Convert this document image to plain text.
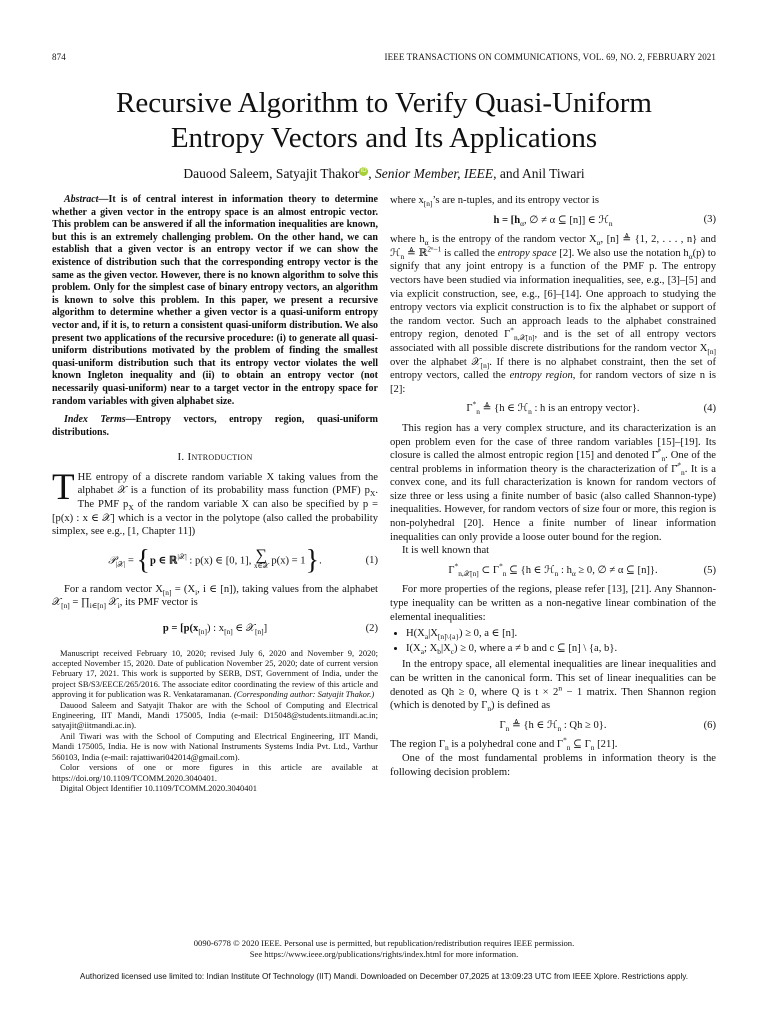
874	IEEE TRANSACTIONS ON COMMUNICATIONS, VOL. 69, NO. 2, FEBRUARY 2021
Recursive Algorithm to Verify Quasi-Uniform
Entropy Vectors and Its Applications
Dauood Saleem, Satyajit Thakor iD , Senior Member, IEEE, and Anil Tiwari

Abstract—It is of central interest in information theory to determine whether a given vector in the entropy space is an almost entropic vector. This problem can be answered if all the information inequalities are known, but this is an extremely challenging problem. On the other hand, we can establish that a given vector is an entropy vector if we can show the existence of distribution such that the corresponding entropy vector is the same as the given vector. However, there is no known algorithm to solve this problem. Only for the simplest case of binary entropy vectors, an algorithm is known to solve this problem. In this paper, we present a recursive algorithm to determine whether a given vector is a quasi-uniform entropy vector and, if it is, to return a consistent quasi-uniform distribution. We also present two applications of the recursive procedure: (i) to generate all quasi-uniform distributions motivated by the problem of finding the smallest quasi-uniform distribution such that its entropy vector violates the well known Ingleton inequality and (ii) to obtain an entropy vector (not necessarily quasi-uniform) near to a target vector in the entropy space for random variables with given alphabet size.

Index Terms—Entropy vectors, entropy region, quasi-uniform distributions.

I. Introduction

THE entropy of a discrete random variable X taking values from the alphabet 𝒳 is a function of its probability mass function (PMF) $p_X$. The PMF $p_X$ of the random variable X can also be specified by p = [p(x) : x ∈ 𝒳] which is a vector in the polytope (also called the probability simplex, see e.g., [1, Chapter 11])

𝒫$_{|𝒳|}$ = {p ∈ ℝ$^{|𝒳|}$ : p(x) ∈ [0, 1], ∑
x∈𝒳 p(x) = 1}.	(1)

For a random vector $X_{[n]} = (X_i$, i ∈ [n]), taking values from the alphabet 𝒳$_{[n]}$ = $\prod_{i\in[n]}$ 𝒳$_i$, its PMF vector is

$p = [p(x_{[n]})$ : $x_{[n]}$ ∈ 𝒳$_{[n]}$]	(2)

Manuscript received February 10, 2020; revised July 6, 2020 and November 9, 2020; accepted November 15, 2020. Date of publication November 25, 2020; date of current version February 17, 2021. This work is supported by SERB, DST, Government of India, under the project SB/S3/EECE/265/2016. The associate editor coordinating the review of this article and approving it for publication was R. Venkataramanan. (Corresponding author: Satyajit Thakor.)

Dauood Saleem and Satyajit Thakor are with the School of Computing and Electrical Engineering, IIT Mandi, Mandi 175005, India (e-mail: D15048@students.iitmandi.ac.in; satyajit@iitmandi.ac.in).

Anil Tiwari was with the School of Computing and Electrical Engineering, IIT Mandi, Mandi 175005, India. He is now with National Instruments Systems India Pvt. Ltd., Varthur 560103, India (e-mail: rajattiwari042014@gmail.com).

Color versions of one or more figures in this article are available at https://doi.org/10.1109/TCOMM.2020.3040401.

Digital Object Identifier 10.1109/TCOMM.2020.3040401

where $x_{[n]}’s$ are n-tuples, and its entropy vector is

$h = [h_\alpha$, ∅ ≠ α ⊆ [n]] ∈ ℋ$_n$	(3)

where $h_\alpha$ is the entropy of the random vector $X_\alpha$, [n] ≜ {1, 2, . . . , n} and ℋ$_n$ ≜ ℝ$^{2^n-1}$ is called the entropy space [2]. We also use the notation $h_\alpha(p)$ to signify that any joint entropy is a function of the PMF p. The entropy vectors have been studied via information inequalities, see, e.g., [3]–[5] and via explicit construction, see, e.g., [6]–[14]. One approach to studying the entropy vectors via explicit construction is to fix the alphabet or support of the random vector. Such an approach leads to the alphabet constrained entropy region, denoted $\Gamma^*_{n,𝒳[n]}$, and is the set of all entropy vectors associated with all possible discrete distributions for the random vector $X_{[n]}$ over the alphabet 𝒳$_{[n]}$. If there is no alphabet constraint, then the set of entropy vectors, called the entropy region, for random vectors of size n is [2]:

$\Gamma^*_n$ ≜ {h ∈ ℋ$_n$ : h is an entropy vector}.	(4)

This region has a very complex structure, and its characterization is an open problem even for the case of three random variables [15]–[19]. Its closure is called the almost entropic region [15] and denoted $\Gammā^*_n$. One of the central problems in information theory is the characterization of $\Gammā^*_n$. It is a convex cone, and its full characterization is known for random vectors of size three or less using a finite number of basic (also called Shannon-type) inequalities. However, for random vectors of size four or more, this region is non-polyhedral [20]. Hence a finite number of linear information inequalities can only provide a loose outer bound for the region.

It is well known that

$\Gamma^*_{n,𝒳[n]}$ ⊂ $\Gamma^*_n$ ⊆ {h ∈ ℋ$_n$ : $h_\alpha \ge 0$, ∅ ≠ α ⊆ [n]}.	(5)

For more properties of the regions, please refer [13], [21]. Any Shannon-type inequality can be written as a non-negative linear combination of the elemental inequalities:

• $H(X_a|X_{[n]\backslash\{a\}}) \ge 0$, a ∈ [n].
• $I(X_a$; $X_b|X_c) \ge 0$, where a ≠ b and c ⊆ [n] \ {a, b}.

In the entropy space, all elemental inequalities are linear inequalities and can be written in the canonical form. This set of linear inequalities can be denoted as Qh ≥ 0, where Q is $t \times 2^n - 1$ matrix. Then Shannon region (which is denoted by $\Gamma_n$) is defined as

$\Gamma_n$ ≜ {h ∈ ℋ$_n$ : Qh ≥ 0}.	(6)

The region $\Gamma_n$ is a polyhedral cone and $\Gamma^*_n$ ⊆ $\Gamma_n$ [21].

One of the most fundamental problems in information theory is the following decision problem:

0090-6778 © 2020 IEEE. Personal use is permitted, but republication/redistribution requires IEEE permission.
See https://www.ieee.org/publications/rights/index.html for more information.
Authorized licensed use limited to: Indian Institute Of Technology (IIT) Mandi. Downloaded on December 07,2025 at 13:09:23 UTC from IEEE Xplore. Restrictions apply.
